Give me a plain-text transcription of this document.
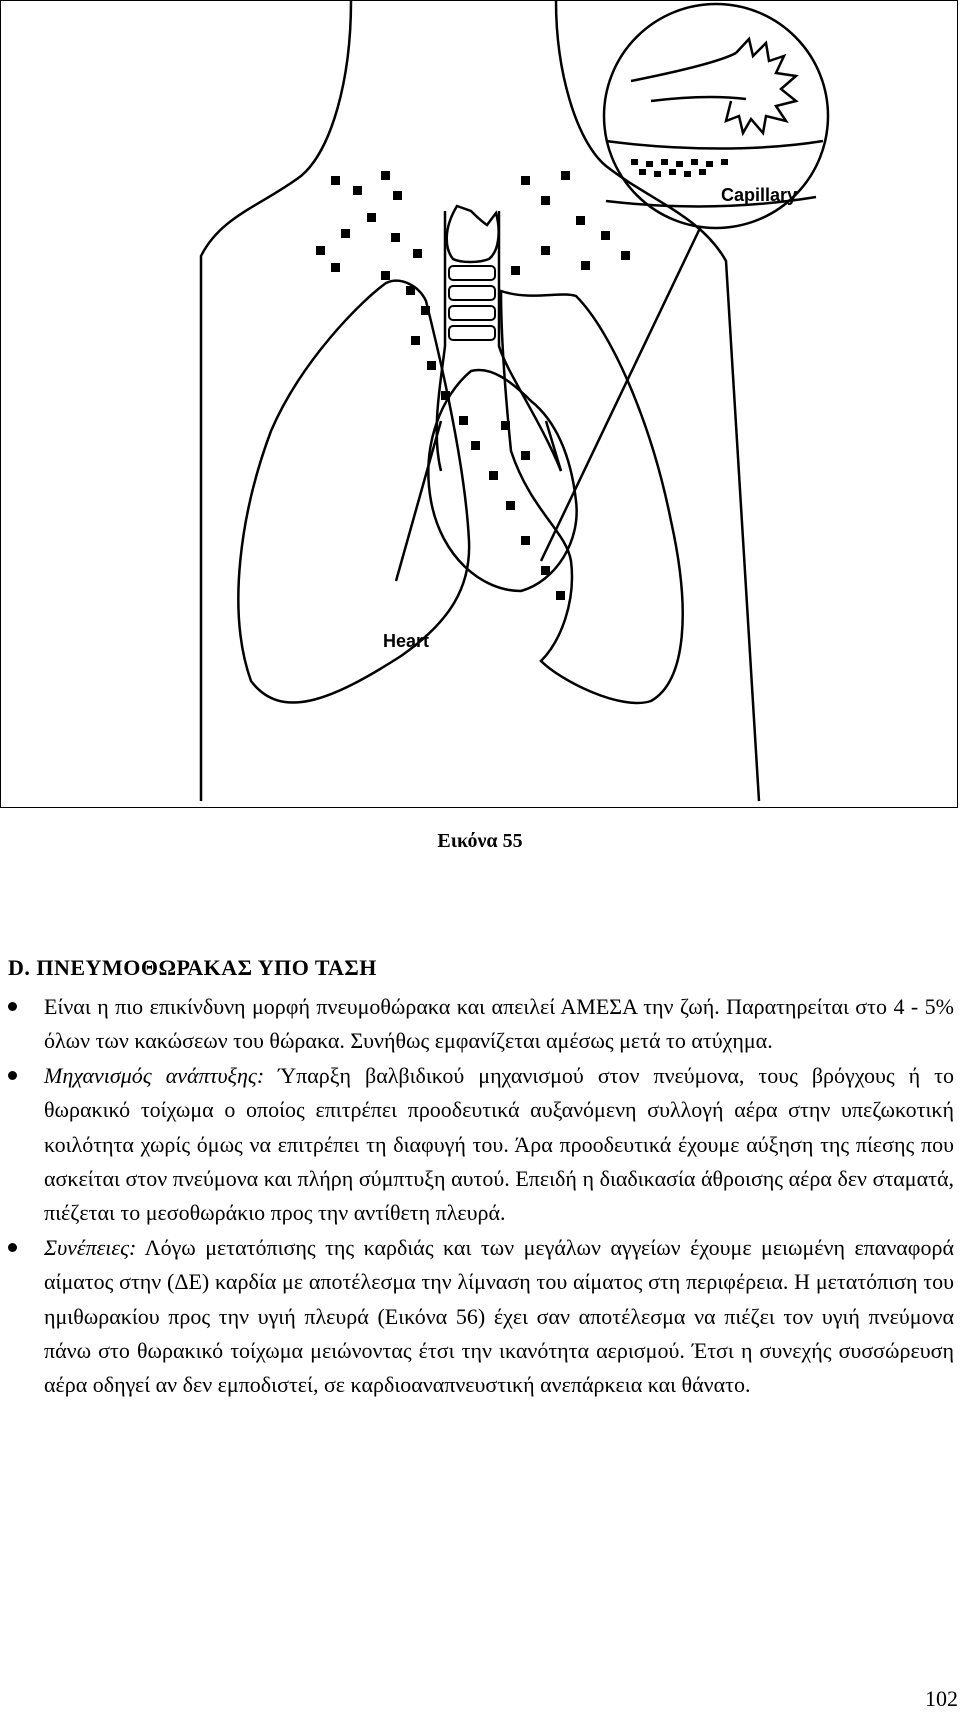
Capillary
Heart
Εικόνα 55
D. ΠΝΕΥΜΟΘΩΡΑΚΑΣ ΥΠΟ ΤΑΣΗ
Είναι η πιο επικίνδυνη μορφή πνευμοθώρακα και απειλεί ΑΜΕΣΑ την ζωή. Παρατηρείται στο 4 - 5% όλων των κακώσεων του θώρακα. Συνήθως εμφανίζεται αμέσως μετά το ατύχημα.
Μηχανισμός ανάπτυξης: Ύπαρξη βαλβιδικού μηχανισμού στον πνεύμονα, τους βρόγχους ή το θωρακικό τοίχωμα ο οποίος επιτρέπει προοδευτικά αυξανόμενη συλλογή αέρα στην υπεζωκοτική κοιλότητα χωρίς όμως να επιτρέπει τη διαφυγή του. Άρα προοδευτικά έχουμε αύξηση της πίεσης που ασκείται στον πνεύμονα και πλήρη σύμπτυξη αυτού. Επειδή η διαδικασία άθροισης αέρα δεν σταματά, πιέζεται το μεσοθωράκιο προς την αντίθετη πλευρά.
Συνέπειες: Λόγω μετατόπισης της καρδιάς και των μεγάλων αγγείων έχουμε μειωμένη επαναφορά αίματος στην (ΔΕ) καρδία με αποτέλεσμα την λίμναση του αίματος στη περιφέρεια. Η μετατόπιση του ημιθωρακίου προς την υγιή πλευρά (Εικόνα 56) έχει σαν αποτέλεσμα να πιέζει τον υγιή πνεύμονα πάνω στο θωρακικό τοίχωμα μειώνοντας έτσι την ικανότητα αερισμού. Έτσι η συνεχής συσσώρευση αέρα οδηγεί αν δεν εμποδιστεί, σε καρδιοαναπνευστική ανεπάρκεια και θάνατο.
102
